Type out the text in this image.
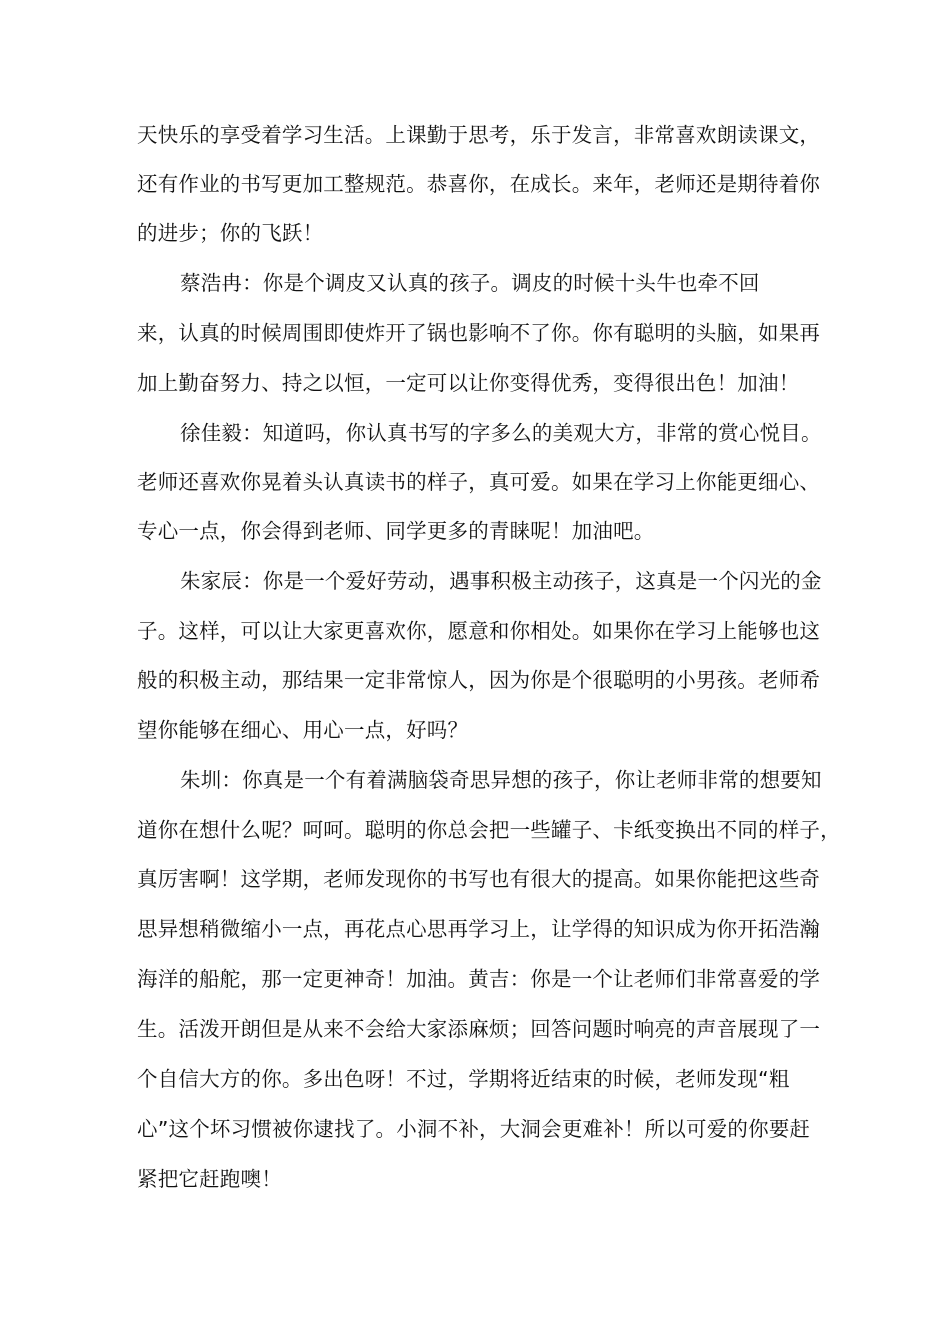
天快乐的享受着学习生活。上课勤于思考，乐于发言，非常喜欢朗读课文，
还有作业的书写更加工整规范。恭喜你，在成长。来年，老师还是期待着你
的进步；你的飞跃！
蔡浩冉：你是个调皮又认真的孩子。调皮的时候十头牛也牵不回
来，认真的时候周围即使炸开了锅也影响不了你。你有聪明的头脑，如果再
加上勤奋努力、持之以恒，一定可以让你变得优秀，变得很出色！加油！
徐佳毅：知道吗，你认真书写的字多么的美观大方，非常的赏心悦目。
老师还喜欢你晃着头认真读书的样子，真可爱。如果在学习上你能更细心、
专心一点，你会得到老师、同学更多的青睐呢！加油吧。
朱家辰：你是一个爱好劳动，遇事积极主动孩子，这真是一个闪光的金
子。这样，可以让大家更喜欢你，愿意和你相处。如果你在学习上能够也这
般的积极主动，那结果一定非常惊人，因为你是个很聪明的小男孩。老师希
望你能够在细心、用心一点，好吗？
朱圳：你真是一个有着满脑袋奇思异想的孩子，你让老师非常的想要知
道你在想什么呢？呵呵。聪明的你总会把一些罐子、卡纸变换出不同的样子，
真厉害啊！这学期，老师发现你的书写也有很大的提高。如果你能把这些奇
思异想稍微缩小一点，再花点心思再学习上，让学得的知识成为你开拓浩瀚
海洋的船舵，那一定更神奇！加油。黄吉：你是一个让老师们非常喜爱的学
生。活泼开朗但是从来不会给大家添麻烦；回答问题时响亮的声音展现了一
个自信大方的你。多出色呀！不过，学期将近结束的时候，老师发现“粗
心”这个坏习惯被你逮找了。小洞不补，大洞会更难补！所以可爱的你要赶
紧把它赶跑噢！
